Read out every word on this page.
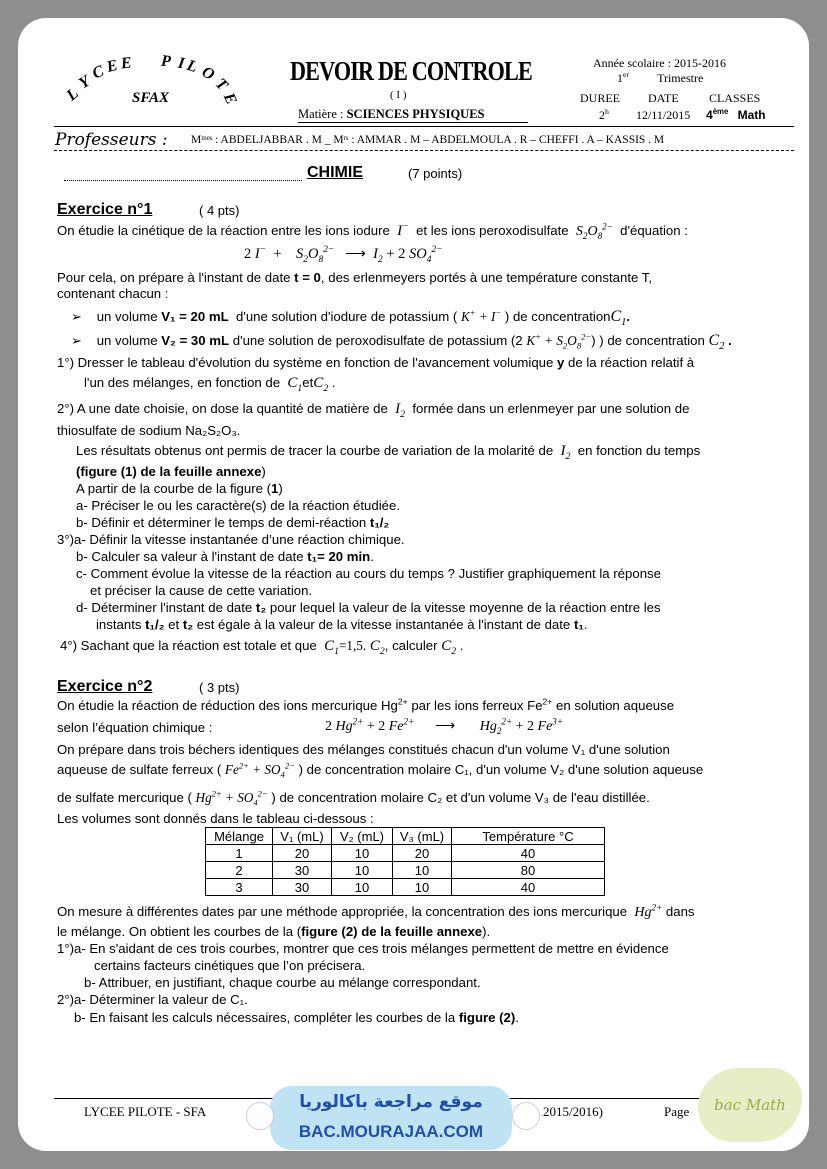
L
Y
C
E E P I L O
T
E
SFAX
DEVOIR DE CONTROLE
( I )
Matière : SCIENCES PHYSIQUES
Année scolaire : 2015-2016
1er Trimestre
DUREE DATE	CLASSES
2$^h$ 12/11/2015 4ème Math
Professeurs : Mᵐᵉˢ : ABDELJABBAR . M _ Mʳˢ : AMMAR . M – ABDELMOULA . R – CHEFFI . A – KASSIS . M
CHIMIE	(7 points)
Exercice n°1	( 4 pts)
On étudie la cinétique de la réaction entre les ions iodure I− et les ions peroxodisulfate $S_2O_8^{2-}$ d'équation :
2 I− +    $S_2O_8^{2-}$ ⟶  $I_2 + 2$ $SO_4^{2-}$
Pour cela, on prépare à l'instant de date t = 0, des erlenmeyers portés à une température constante T,
contenant chacun :
➢    un volume V₁ = 20 mL d'une solution d'iodure de potassium ( K+ + I− ) de concentrationC$_1$.
➢    un volume V₂ = 30 mL d'une solution de peroxodisulfate de potassium (2 $K^+ + S_2O_8^{2-}$) ) de concentration $C_2$ .
1°) Dresser le tableau d'évolution du système en fonction de l'avancement volumique y de la réaction relatif à
l'un des mélanges, en fonction de $C_1etC_2$ .
2°) A une date choisie, on dose la quantité de matière de $I_2$ formée dans un erlenmeyer par une solution de
thiosulfate de sodium Na₂S₂O₃.
Les résultats obtenus ont permis de tracer la courbe de variation de la molarité de $I_2$ en fonction du temps
(figure (1) de la feuille annexe)
A partir de la courbe de la figure (1)
a- Préciser le ou les caractère(s) de la réaction étudiée.
b- Définir et déterminer le temps de demi-réaction t₁/₂
3°)a- Définir la vitesse instantanée d’une réaction chimique.
b- Calculer sa valeur à l'instant de date t₁= 20 min.
c- Comment évolue la vitesse de la réaction au cours du temps ? Justifier graphiquement la réponse
et préciser la cause de cette variation.
d- Déterminer l'instant de date t₂ pour lequel la valeur de la vitesse moyenne de la réaction entre les
instants t₁/₂ et t₂ est égale à la valeur de la vitesse instantanée à l'instant de date t₁.
4°) Sachant que la réaction est totale et que $C_1=1,5$. $C_2$, calculer $C_2$ .
Exercice n°2	( 3 pts)
On étudie la réaction de réduction des ions mercurique $Hg^{2+}$ par les ions ferreux $Fe^{2+}$ en solution aqueuse
selon l’équation chimique :	2 $Hg^{2+} + 2$ $Fe^{2+}$ ⟶       $Hg_2^{2+} + 2$ $Fe^{3+}$
On prépare dans trois béchers identiques des mélanges constitués chacun d'un volume V₁ d'une solution
aqueuse de sulfate ferreux ( $Fe^{2+} + SO_4^{2-}$ ) de concentration molaire C₁, d'un volume V₂ d'une solution aqueuse
de sulfate mercurique ( $Hg^{2+} + SO_4^{2-}$ ) de concentration molaire C₂ et d'un volume V₃ de l'eau distillée.
Les volumes sont donnés dans le tableau ci-dessous :
Mélange	V₁ (mL)	V₂ (mL)	V₃ (mL)	Température °C
1	20	10	20	40
2	30	10	10	80
3	30	10	10	40
On mesure à différentes dates par une méthode appropriée, la concentration des ions mercurique $Hg^{2+}$ dans
le mélange. On obtient les courbes de la (figure (2) de la feuille annexe).
1°)a- En s'aidant de ces trois courbes, montrer que ces trois mélanges permettent de mettre en évidence
certains facteurs cinétiques que l’on précisera.
b- Attribuer, en justifiant, chaque courbe au mélange correspondant.
2°)a- Déterminer la valeur de C₁.
b- En faisant les calculs nécessaires, compléter les courbes de la figure (2).
LYCEE PILOTE - SFA	2015/2016)	Page
موقع مراجعة باكالوريا
BAC.MOURAJAA.COM
bac Math
